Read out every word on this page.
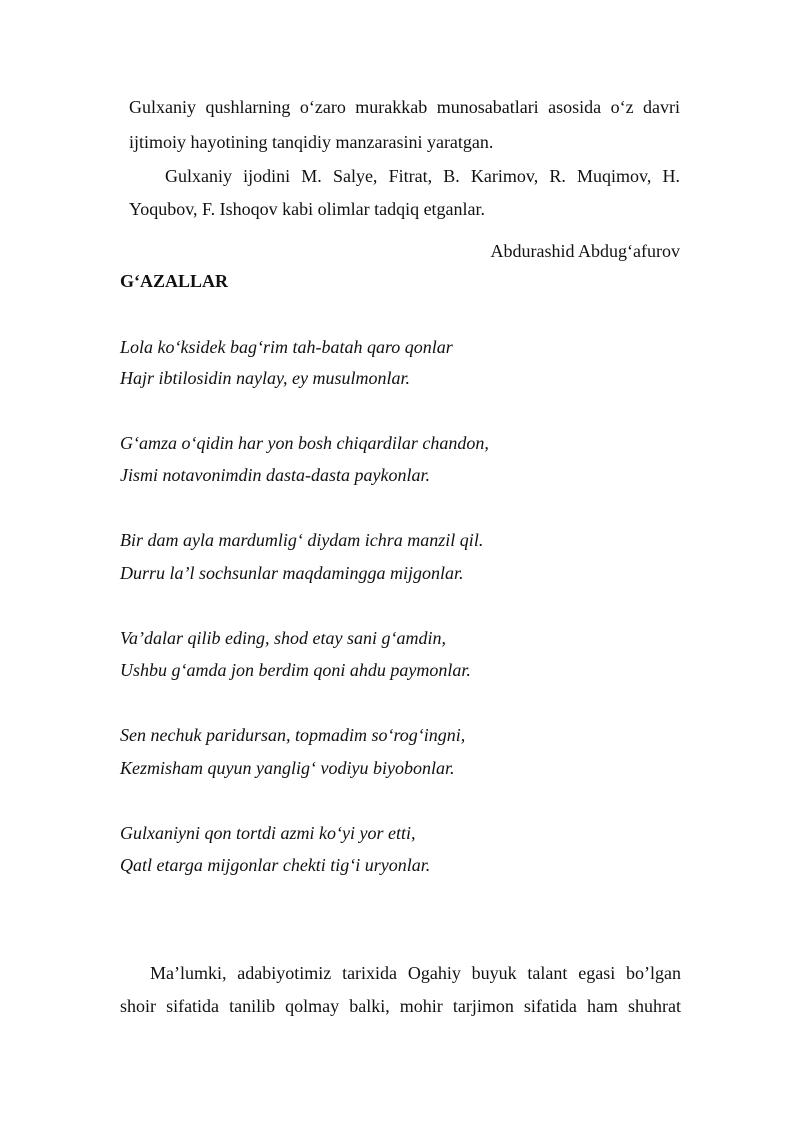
Gulxaniy qushlarning o‘zaro murakkab munosabatlari asosida o‘z davri
ijtimoiy hayotining tanqidiy manzarasini yaratgan.
Gulxaniy ijodini M. Salye, Fitrat, B. Karimov, R. Muqimov, H.
Yoqubov, F. Ishoqov kabi olimlar tadqiq etganlar.
Abdurashid Abdug‘afurov
G‘AZALLAR
Lola ko‘ksidek bag‘rim tah-batah qaro qonlar
Hajr ibtilosidin naylay, ey musulmonlar.
G‘amza o‘qidin har yon bosh chiqardilar chandon,
Jismi notavonimdin dasta-dasta paykonlar.
Bir dam ayla mardumlig‘ diydam ichra manzil qil.
Durru la’l sochsunlar maqdamingga mijgonlar.
Va’dalar qilib eding, shod etay sani g‘amdin,
Ushbu g‘amda jon berdim qoni ahdu paymonlar.
Sen nechuk paridursan, topmadim so‘rog‘ingni,
Kezmisham quyun yanglig‘ vodiyu biyobonlar.
Gulxaniyni qon tortdi azmi ko‘yi yor etti,
Qatl etarga mijgonlar chekti tig‘i uryonlar.
Ma’lumki, adabiyotimiz tarixida Ogahiy buyuk talant egasi bo’lgan
shoir sifatida tanilib qolmay balki, mohir tarjimon sifatida ham shuhrat
